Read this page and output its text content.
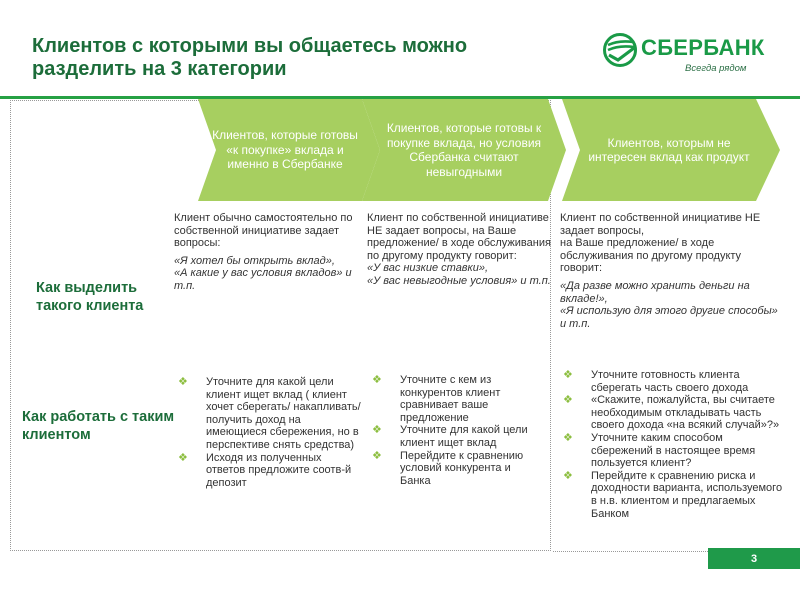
Клиентов с которыми вы общаетесь можно разделить на 3 категории
СБЕРБАНК
Всегда рядом
Клиентов, которые готовы «к покупке» вклада и именно в Сбербанке
Клиентов, которые готовы к покупке вклада, но условия Сбербанка считают невыгодными
Клиентов, которым не интересен вклад как продукт
Как выделить такого клиента
Как работать с таким клиентом

Клиент обычно самостоятельно по собственной инициативе задает вопросы:

«Я хотел бы открыть вклад»,

«А какие у вас условия вкладов» и т.п.

Клиент по собственной инициативе НЕ задает вопросы, на Ваше предложение/ в ходе обслуживания по другому продукту говорит:

«У вас низкие ставки»,

«У вас невыгодные условия» и т.п.

Клиент по собственной инициативе НЕ задает вопросы,

на Ваше предложение/ в ходе обслуживания по другому продукту говорит:

«Да разве можно хранить деньги на вкладе!»,

«Я использую для этого другие способы» и т.п.

❖ Уточните для какой цели клиент ищет вклад ( клиент хочет сберегать/ накапливать/ получить доход на имеющиеся сбережения, но в перспективе снять средства)
❖ Исходя из полученных ответов предложите соотв-й депозит
❖ Уточните с кем из конкурентов клиент сравнивает ваше предложение
❖ Уточните для какой цели клиент ищет вклад
❖ Перейдите к сравнению условий конкурента и Банка
❖ Уточните готовность клиента сберегать часть своего дохода
❖ «Скажите, пожалуйста, вы считаете необходимым откладывать часть своего дохода «на всякий случай»?»
❖ Уточните каким способом сбережений в настоящее время пользуется клиент?
❖ Перейдите к сравнению риска и доходности варианта, используемого в н.в. клиентом и предлагаемых Банком
3
